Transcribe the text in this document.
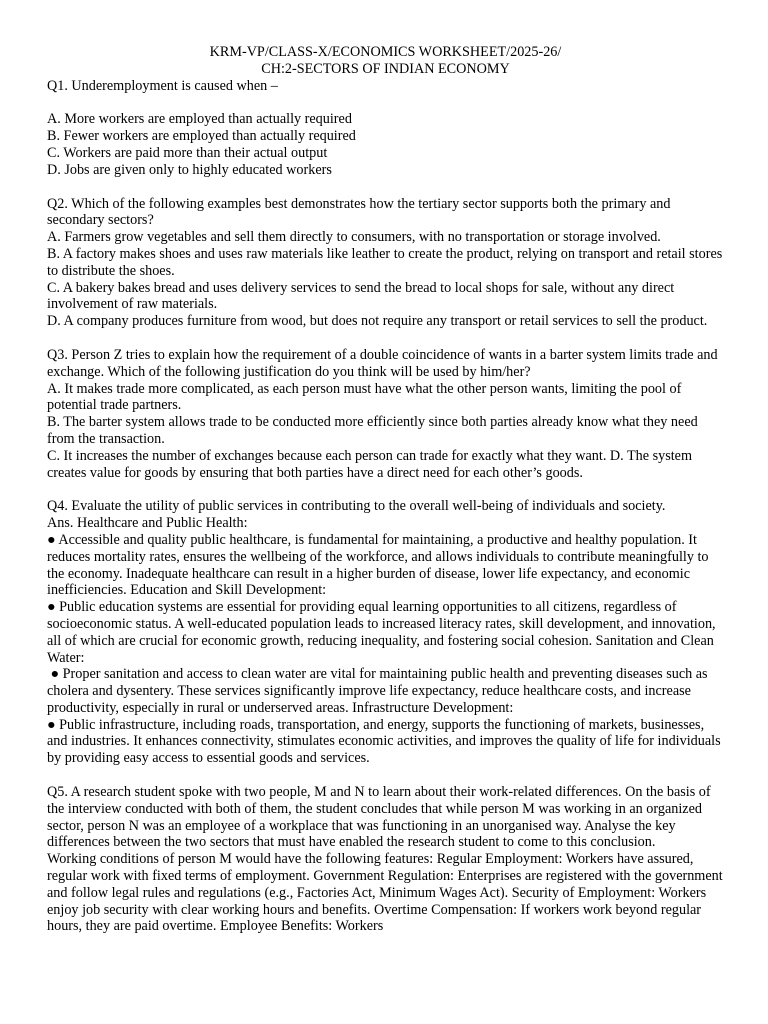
KRM-VP/CLASS-X/ECONOMICS WORKSHEET/2025-26/

CH:2-SECTORS OF INDIAN ECONOMY

Q1. Underemployment is caused when –

A. More workers are employed than actually required

B. Fewer workers are employed than actually required

C. Workers are paid more than their actual output

D. Jobs are given only to highly educated workers

Q2. Which of the following examples best demonstrates how the tertiary sector supports both the primary and secondary sectors?

A. Farmers grow vegetables and sell them directly to consumers, with no transportation or storage involved.

B. A factory makes shoes and uses raw materials like leather to create the product, relying on transport and retail stores to distribute the shoes.

C. A bakery bakes bread and uses delivery services to send the bread to local shops for sale, without any direct involvement of raw materials.

D. A company produces furniture from wood, but does not require any transport or retail services to sell the product.

Q3. Person Z tries to explain how the requirement of a double coincidence of wants in a barter system limits trade and exchange. Which of the following justification do you think will be used by him/her?

A. It makes trade more complicated, as each person must have what the other person wants, limiting the pool of potential trade partners.

B. The barter system allows trade to be conducted more efficiently since both parties already know what they need from the transaction.

C. It increases the number of exchanges because each person can trade for exactly what they want. D. The system creates value for goods by ensuring that both parties have a direct need for each other’s goods.

Q4. Evaluate the utility of public services in contributing to the overall well-being of individuals and society.

Ans. Healthcare and Public Health:

● Accessible and quality public healthcare, is fundamental for maintaining, a productive and healthy population. It reduces mortality rates, ensures the wellbeing of the workforce, and allows individuals to contribute meaningfully to the economy. Inadequate healthcare can result in a higher burden of disease, lower life expectancy, and economic inefficiencies. Education and Skill Development:

● Public education systems are essential for providing equal learning opportunities to all citizens, regardless of socioeconomic status. A well-educated population leads to increased literacy rates, skill development, and innovation, all of which are crucial for economic growth, reducing inequality, and fostering social cohesion. Sanitation and Clean Water:

● Proper sanitation and access to clean water are vital for maintaining public health and preventing diseases such as cholera and dysentery. These services significantly improve life expectancy, reduce healthcare costs, and increase productivity, especially in rural or underserved areas. Infrastructure Development:

● Public infrastructure, including roads, transportation, and energy, supports the functioning of markets, businesses, and industries. It enhances connectivity, stimulates economic activities, and improves the quality of life for individuals by providing easy access to essential goods and services.

Q5. A research student spoke with two people, M and N to learn about their work-related differences. On the basis of the interview conducted with both of them, the student concludes that while person M was working in an organized sector, person N was an employee of a workplace that was functioning in an unorganised way. Analyse the key differences between the two sectors that must have enabled the research student to come to this conclusion.

Working conditions of person M would have the following features: Regular Employment: Workers have assured, regular work with fixed terms of employment. Government Regulation: Enterprises are registered with the government and follow legal rules and regulations (e.g., Factories Act, Minimum Wages Act). Security of Employment: Workers enjoy job security with clear working hours and benefits. Overtime Compensation: If workers work beyond regular hours, they are paid overtime. Employee Benefits: Workers
